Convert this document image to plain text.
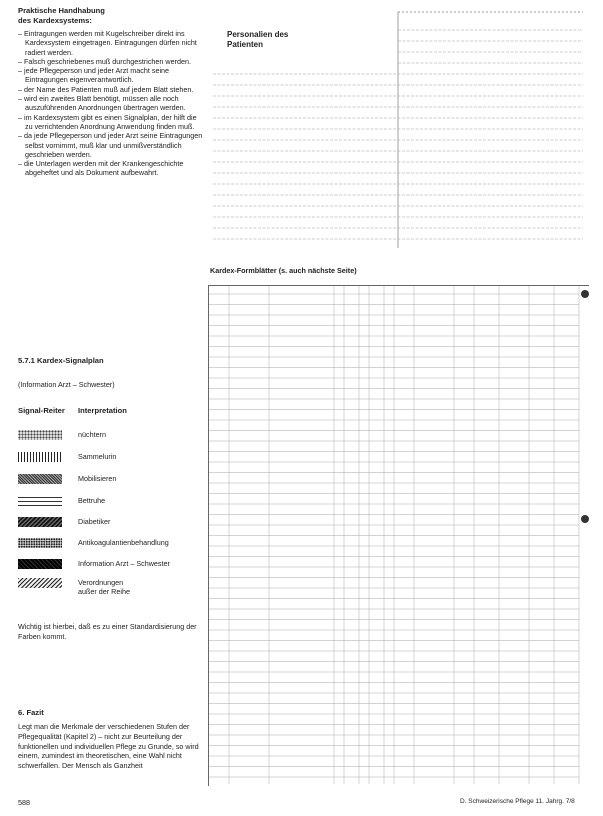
Praktische Handhabung
des Kardexsystems:
– Eintragungen werden mit Kugelschreiber direkt ins Kardexsystem eingetragen. Eintragungen dürfen nicht radiert werden.
– Falsch geschriebenes muß durchgestrichen werden.
– jede Pflegeperson und jeder Arzt macht seine Eintragungen eigenverantwortlich.
– der Name des Patienten muß auf jedem Blatt stehen.
– wird ein zweites Blatt benötigt, müssen alle noch auszuführenden Anordnungen übertragen werden.
– im Kardexsystem gibt es einen Signalplan, der hilft die zu verrichtenden Anordnung Anwendung finden muß.
– da jede Pflegeperson und jeder Arzt seine Eintragungen selbst vornimmt, muß klar und unmißverständlich geschrieben werden.
– die Unterlagen werden mit der Krankengeschichte abgeheftet und als Dokument aufbewahrt.
5.7.1 Kardex-Signalplan
(Information Arzt – Schwester)
Signal-Reiter Interpretation
nüchtern
Sammelurin
Mobilisieren
Bettruhe
Diabetiker
Antikoagulantienbehandlung
Information Arzt – Schwester
Verordnungen
außer der Reihe
Wichtig ist hierbei, daß es zu einer Standardisierung der Farben kommt.
6. Fazit
Legt man die Merkmale der verschiedenen Stufen der Pflegequalität (Kapitel 2) – nicht zur Beurteilung der funktionellen und individuellen Pflege zu Grunde, so wird einem, zumindest im theoretischen, eine Wahl nicht schwerfallen. Der Mensch als Ganzheit
Personalien des
Patienten
Kardex-Formblätter (s. auch nächste Seite)
588	D. Schweizerische Pflege 11. Jahrg. 7/8
